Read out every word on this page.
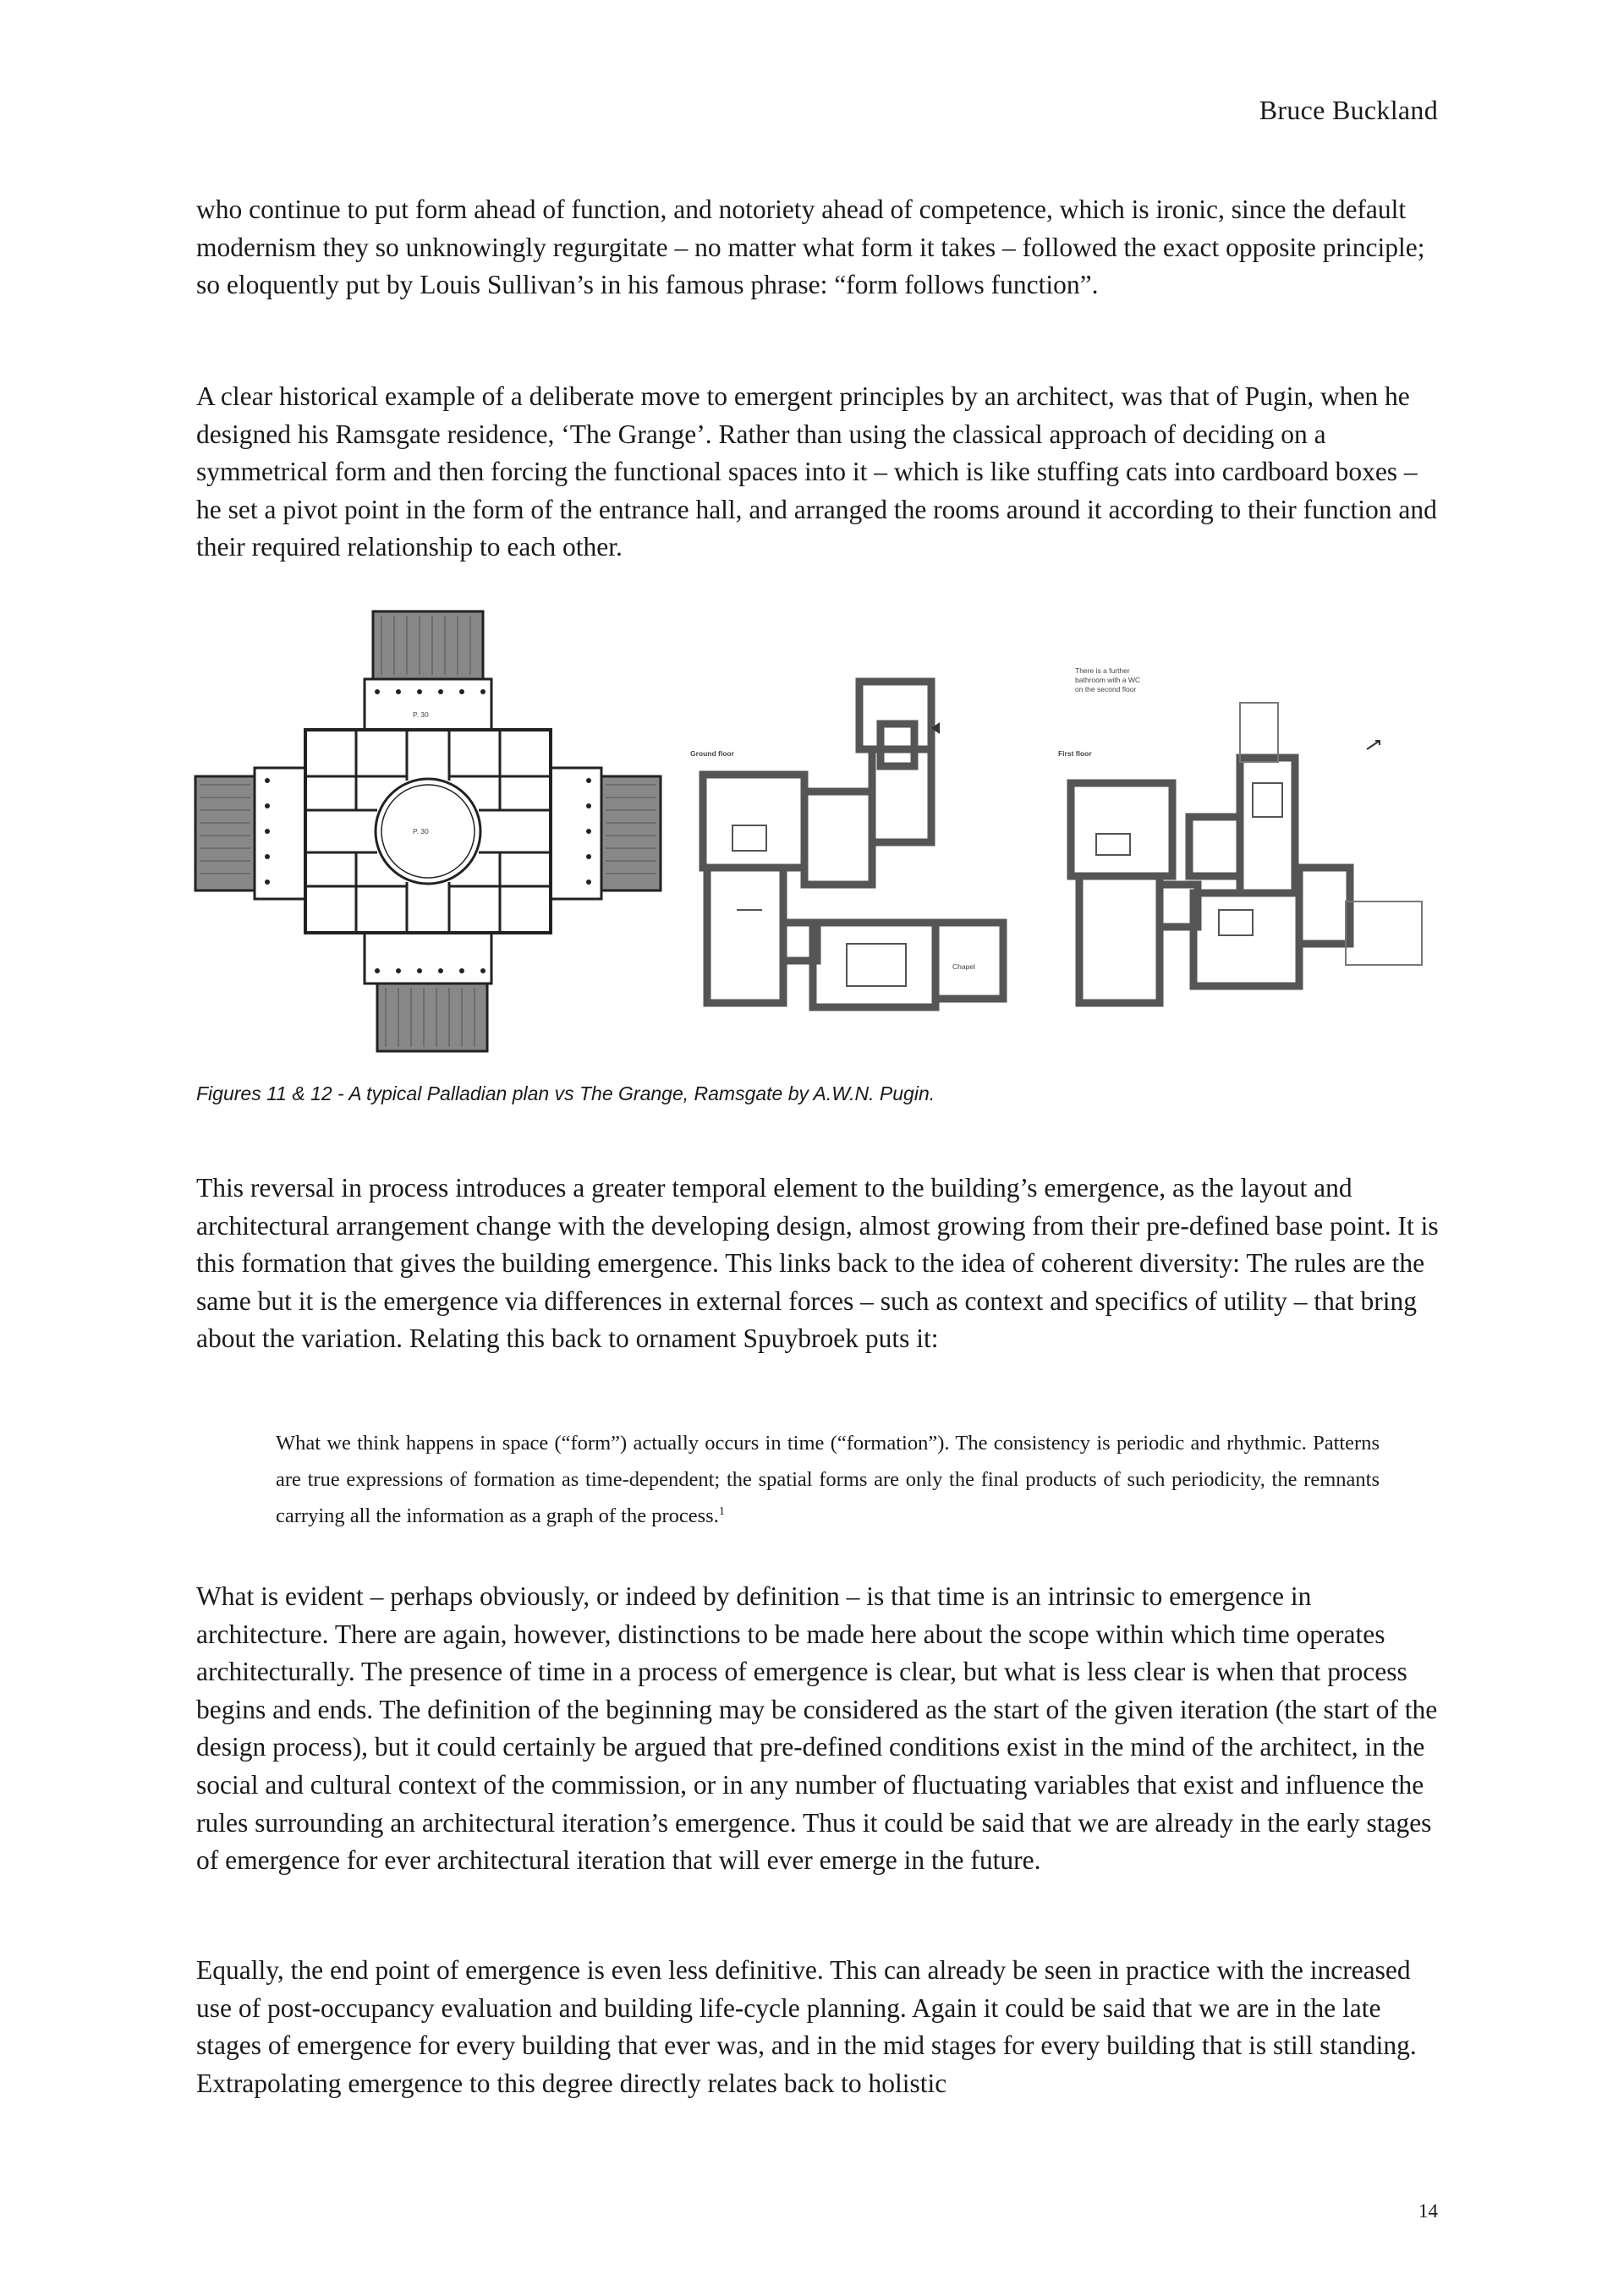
Bruce Buckland

who continue to put form ahead of function, and notoriety ahead of competence, which is ironic, since the default modernism they so unknowingly regurgitate – no matter what form it takes – followed the exact opposite principle; so eloquently put by Louis Sullivan’s in his famous phrase: “form follows function”.

A clear historical example of a deliberate move to emergent principles by an architect, was that of Pugin, when he designed his Ramsgate residence, ‘The Grange’. Rather than using the classical approach of deciding on a symmetrical form and then forcing the functional spaces into it – which is like stuffing cats into cardboard boxes – he set a pivot point in the form of the entrance hall, and arranged the rooms around it according to their function and their required relationship to each other.

P. 30
P. 30
Ground floor
Chapel
There is a further
bathroom with a WC
on the second floor
First floor
Figures 11 & 12 - A typical Palladian plan vs The Grange, Ramsgate by A.W.N. Pugin.

This reversal in process introduces a greater temporal element to the building’s emergence, as the layout and architectural arrangement change with the developing design, almost growing from their pre-defined base point. It is this formation that gives the building emergence. This links back to the idea of coherent diversity: The rules are the same but it is the emergence via differences in external forces – such as context and specifics of utility – that bring about the variation. Relating this back to ornament Spuybroek puts it:

What we think happens in space (“form”) actually occurs in time (“formation”). The consistency is periodic and rhythmic. Patterns are true expressions of formation as time-dependent; the spatial forms are only the final products of such periodicity, the remnants carrying all the information as a graph of the process.$^1$

What is evident – perhaps obviously, or indeed by definition – is that time is an intrinsic to emergence in architecture. There are again, however, distinctions to be made here about the scope within which time operates architecturally. The presence of time in a process of emergence is clear, but what is less clear is when that process begins and ends. The definition of the beginning may be considered as the start of the given iteration (the start of the design process), but it could certainly be argued that pre-defined conditions exist in the mind of the architect, in the social and cultural context of the commission, or in any number of fluctuating variables that exist and influence the rules surrounding an architectural iteration’s emergence. Thus it could be said that we are already in the early stages of emergence for ever architectural iteration that will ever emerge in the future.

Equally, the end point of emergence is even less definitive. This can already be seen in practice with the increased use of post-occupancy evaluation and building life-cycle planning. Again it could be said that we are in the late stages of emergence for every building that ever was, and in the mid stages for every building that is still standing. Extrapolating emergence to this degree directly relates back to holistic

14
